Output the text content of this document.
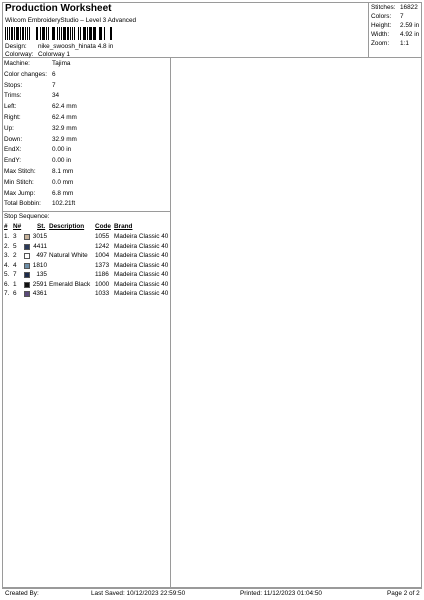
Production Worksheet
Wilcom EmbroideryStudio – Level 3 Advanced
Design: nike_swoosh_hinata 4.8 in
Colorway: Colorway 1
Stitches: 16822
Colors: 7
Height: 2.59 in
Width: 4.92 in
Zoom: 1:1
Machine:	Tajima
Color changes: 6
Stops:	7
Trims:	34
Left:	62.4 mm
Right:	62.4 mm
Up:	32.9 mm
Down:	32.9 mm
EndX:	0.00 in
EndY:	0.00 in
Max Stitch:	8.1 mm
Min Stitch:	0.0 mm
Max Jump:	6.8 mm
Total Bobbin: 102.21ft
Stop Sequence:
# N# St. Description Code Brand
1. 3	3015	1055 Madeira Classic 40
2. 5	4411	1242 Madeira Classic 40
3. 2	497 Natural White 1004 Madeira Classic 40
4. 4	1810	1373 Madeira Classic 40
5. 7	135	1186 Madeira Classic 40
6. 1	2591 Emerald Black 1000 Madeira Classic 40
7. 6	4361	1033 Madeira Classic 40
Created By:	Last Saved: 10/12/2023 22:59:50	Printed: 11/12/2023 01:04:50	Page 2 of 2
